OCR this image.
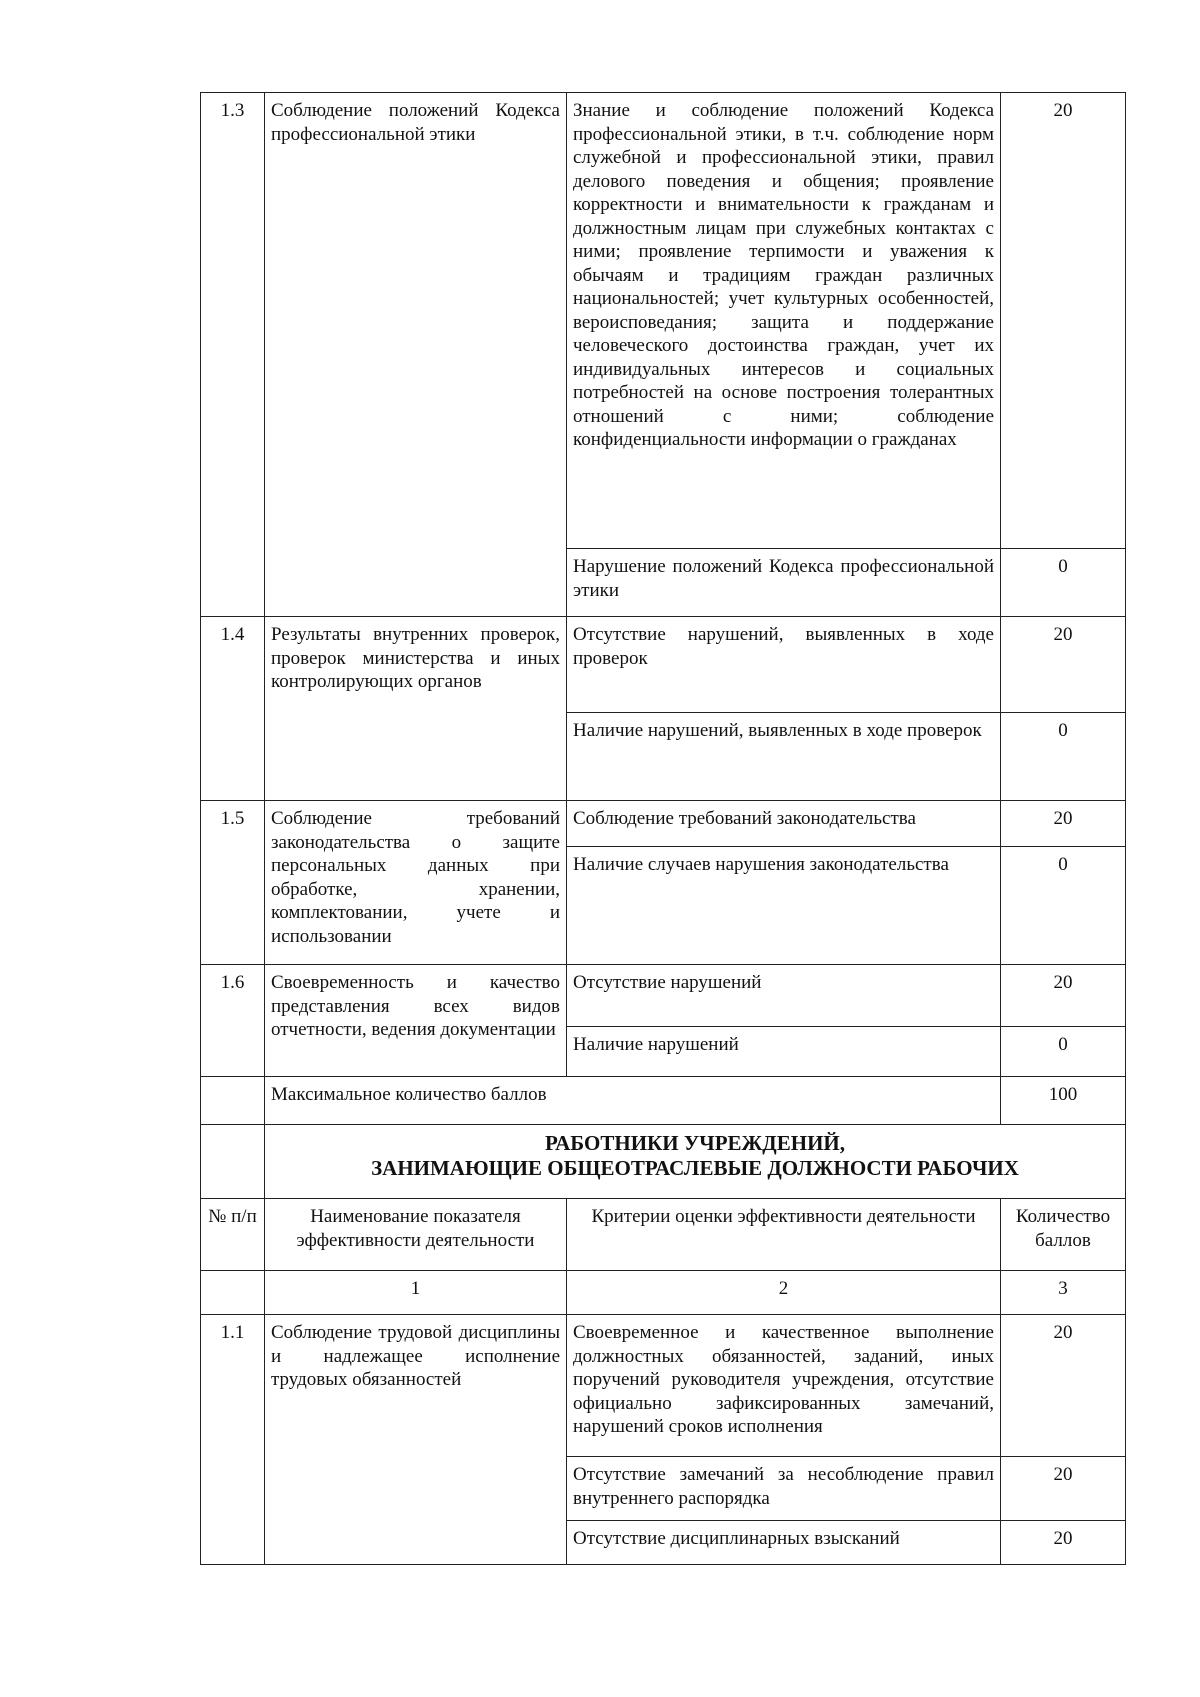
1.3	Соблюдение положений Кодекса профессиональной этики	Знание и соблюдение положений Кодекса профессиональной этики, в т.ч. соблюдение норм служебной и профессиональной этики, правил делового поведения и общения; проявление корректности и внимательности к гражданам и должностным лицам при служебных контактах с ними; проявление терпимости и уважения к обычаям и традициям граждан различных национальностей; учет культурных особенностей, вероисповедания; защита и поддержание человеческого достоинства граждан, учет их индивидуальных интересов и социальных потребностей на основе построения толерантных отношений с ними; соблюдение конфиденциальности информации о гражданах	20
		Нарушение положений Кодекса профессиональной этики	0
1.4	Результаты внутренних проверок, проверок министерства и иных контролирующих органов	Отсутствие нарушений, выявленных в ходе проверок	20
		Наличие нарушений, выявленных в ходе проверок	0
1.5	Соблюдение требований законодательства о защите персональных данных при обработке, хранении, комплектовании, учете и использовании	Соблюдение требований законодательства	20
		Наличие случаев нарушения законодательства	0
1.6	Своевременность и качество представления всех видов отчетности, ведения документации	Отсутствие нарушений	20
		Наличие нарушений	0
	Максимальное количество баллов		100

	РАБОТНИКИ УЧРЕЖДЕНИЙ,
ЗАНИМАЮЩИЕ ОБЩЕОТРАСЛЕВЫЕ ДОЛЖНОСТИ РАБОЧИХ		

№ п/п	Наименование показателя эффективности деятельности	Критерии оценки эффективности деятельности	Количество баллов
	1	2	3
1.1	Соблюдение трудовой дисциплины и надлежащее исполнение трудовых обязанностей	Своевременное и качественное выполнение должностных обязанностей, заданий, иных поручений руководителя учреждения, отсутствие официально зафиксированных замечаний, нарушений сроков исполнения	20
		Отсутствие замечаний за несоблюдение правил внутреннего распорядка	20
		Отсутствие дисциплинарных взысканий	20
